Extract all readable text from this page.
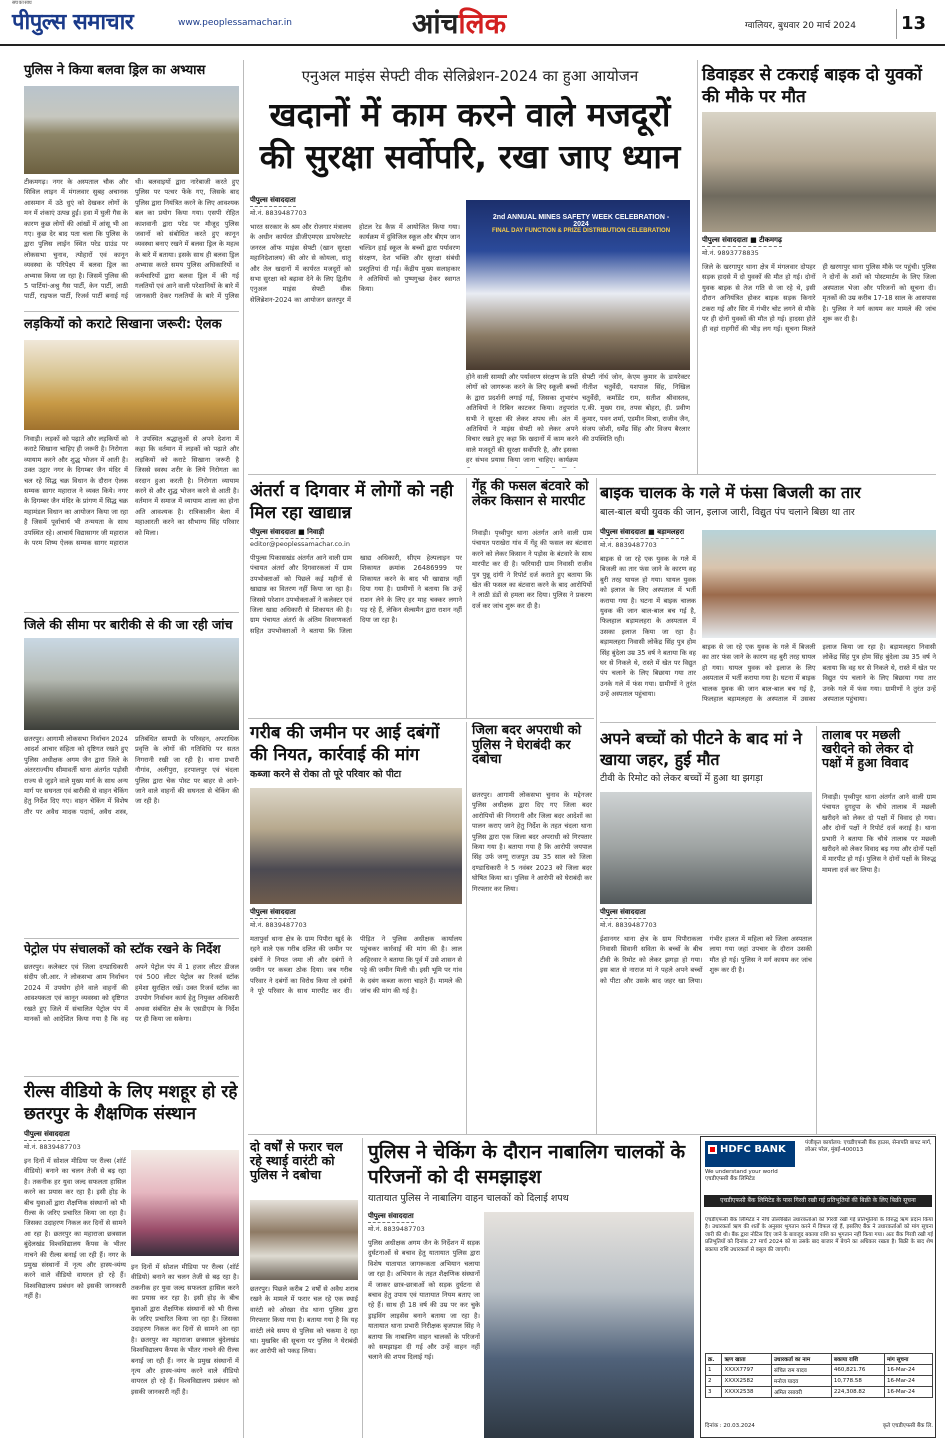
सच का साथ
पीपुल्स समाचार	www.peoplessamachar.in	आंचलिक	ग्वालियर, बुधवार 20 मार्च 2024 13
पुलिस ने किया बलवा ड्रिल का अभ्यास
टीकमगढ़। नगर के अस्पताल चौक और सिविल लाइन में मंगलवार सुबह अचानक आसमान में उठे धुएं को देखकर लोगों के मन में शंकाएं उत्पन्न हुईं। हवा में घुली गैस के कारण कुछ लोगों की आंखों में आंसू भी आ गए। कुछ देर बाद पता चला कि पुलिस के द्वारा पुलिस लाईन स्थित परेड ग्राउंड पर लोकसभा चुनाव, त्योहारों एवं कानून व्यवस्था के परिपेक्ष्य में बलवा ड्रिल का अभ्यास किया जा रहा है। जिसमें पुलिस की 5 पार्टियां-अश्रु गैस पार्टी, केन पार्टी, लाठी पार्टी, राइफल पार्टी, रिजर्व पार्टी बनाई गई थी। बलवाइयों द्वारा नारेबाजी करते हुए पुलिस पर पत्थर फेंके गए, जिसके बाद पुलिस द्वारा नियंत्रित करने के लिए आवश्यक बल का प्रयोग किया गया। एसपी रोहित काशवानी द्वारा परेड पर मौजूद पुलिस जवानों को संबोधित करते हुए कानून व्यवस्था बनाए रखने में बलवा ड्रिल के महत्व के बारे में बताया। इसके साथ ही बलवा ड्रिल अभ्यास करते समय पुलिस अधिकारियों व कर्मचारियों द्वारा बलवा ड्रिल में की गई गलतियों एवं आने वाली परेशानियों के बारे में जानकारी देकर गलतियों के बारे में पुलिस
लड़कियों को कराटे सिखाना जरूरी: ऐलक
निवाड़ी। लड़कों को पढ़ाते और लड़कियों को कराटे सिखाना चाहिए ही जरूरी है। निरोगता व्यायाम करने और शुद्ध भोजन में आती है। उक्त उद्गार नगर के दिगम्बर जैन मंदिर में चल रहे सिद्ध चक्र विधान के दौरान ऐलक सम्यक सागर महाराज ने व्यक्त किये। नगर के दिगम्बर जैन मंदिर के प्रांगण में सिद्ध चक्र महामंडल विधान का आयोजन किया जा रहा है जिसमें पूर्वाचार्य भी तन्मयता के साथ उपस्थित रहे। आचार्य विद्यासागर जी महाराज के परम शिष्य ऐलक सम्यक सागर महाराज ने उपस्थित श्रद्धालुओं से अपने देशना में कहा कि वर्तमान में लड़कों को पढ़ाते और लड़कियों को कराटे सिखाना जरूरी है जिससे स्वस्थ शरीर के लिये निरोगता का वरदान हुआ करती है। निरोगता व्यायाम करने से और शुद्ध भोजन करने से आती है। वर्तमान में समाज में व्यायाम शाला का होना अति आवश्यक है। रात्रिकालीन बेला में महाआरती करने का सौभाग्य सिंह परिवार को मिला।
जिले की सीमा पर बारीकी से की जा रही जांच
छतरपुर। आगामी लोकसभा निर्वाचन 2024 आदर्श आचार संहिता को दृष्टिगत रखते हुए पुलिस अधीक्षक अगम जैन द्वारा जिले के अंतरराज्यीय सीमावर्ती थाना अंतर्गत पड़ोसी राज्य से जुड़ने वाले मुख्य मार्ग के साथ अन्य मार्ग पर सघनता एवं बारीकी से वाहन चेकिंग हेतु निर्देश दिए गए। वाहन चेकिंग में विशेष तौर पर अवैध मादक पदार्थ, अवैध शस्त्र, प्रतिबंधित सामग्री के परिवहन, अपराधिक प्रवृत्ति के लोगों की गतिविधि पर सतत निगरानी रखी जा रही है। थाना प्रभारी नौगांव, अलीपुरा, हरपालपुर एवं चंदला पुलिस द्वारा चेक पोस्ट पर बाहर से आने-जाने वाले वाहनों की सघनता से चेकिंग की जा रही है।
पेट्रोल पंप संचालकों को स्टॉक रखने के निर्देश
छतरपुर। कलेक्टर एवं जिला दण्डाधिकारी संदीप जी.आर. ने लोकसभा आम निर्वाचन 2024 में उपयोग होने वाले वाहनों की आवश्यकता एवं कानून व्यवस्था को दृष्टिगत रखते हुए जिले में संचालित पेट्रोल पंप में मानकों को आदेशित किया गया है कि वह अपने पेट्रोल पंप में 1 हजार लीटर डीजल एवं 500 लीटर पेट्रोल का रिजर्व स्टॉक हमेशा सुरक्षित रखें। उक्त रिजर्व स्टॉक का उपयोग निर्वाचन कार्य हेतु नियुक्त अधिकारी अथवा संबंधित क्षेत्र के एसडीएम के निर्देश पर ही किया जा सकेगा।
रील्स वीडियो के लिए मशहूर हो रहे छतरपुर के शैक्षणिक संस्थान
पीपुल्स संवाददाता
मो.नं. 8839487703
इन दिनों में सोशल मीडिया पर रील्स (शॉर्ट वीडियो) बनाने का चलन तेजी से बढ़ रहा है। तकनीक हर युवा जल्द सफलता हासिल करने का प्रयास कर रहा है। इसी होड़ के बीच युवाओं द्वारा शैक्षणिक संस्थानों को भी रील्स के जरिए प्रचारित किया जा रहा है। जिसका उदाहरण निकल कर दिनों से सामने आ रहा है। छतरपुर का महाराजा छत्रसाल बुंदेलखंड विश्वविद्यालय कैंपस के भीतर नाचने की रील्स बनाई जा रही हैं। नगर के प्रमुख संस्थानों में नृत्य और हास्य-व्यंग्य करने वाले वीडियो वायरल हो रहे हैं। विश्वविद्यालय प्रबंधन को इसकी जानकारी नहीं है।
इन दिनों में सोशल मीडिया पर रील्स (शॉर्ट वीडियो) बनाने का चलन तेजी से बढ़ रहा है। तकनीक हर युवा जल्द सफलता हासिल करने का प्रयास कर रहा है। इसी होड़ के बीच युवाओं द्वारा शैक्षणिक संस्थानों को भी रील्स के जरिए प्रचारित किया जा रहा है। जिसका उदाहरण निकल कर दिनों से सामने आ रहा है। छतरपुर का महाराजा छत्रसाल बुंदेलखंड विश्वविद्यालय कैंपस के भीतर नाचने की रील्स बनाई जा रही हैं। नगर के प्रमुख संस्थानों में नृत्य और हास्य-व्यंग्य करने वाले वीडियो वायरल हो रहे हैं। विश्वविद्यालय प्रबंधन को इसकी जानकारी नहीं है।
एनुअल माइंस सेफ्टी वीक सेलिब्रेशन-2024 का हुआ आयोजन
खदानों में काम करने वाले मजदूरों की सुरक्षा सर्वोपरि, रखा जाए ध्यान
पीपुल्स संवाददाता
मो.नं. 8839487703
भारत सरकार के श्रम और रोजगार मंत्रालय के अधीन कार्यरत डीजीएमएस डायरेक्टरेट जनरल ऑफ माइंस सेफ्टी (खान सुरक्षा महानिदेशालय) की ओर से कोयला, धातु और तेल खदानों में कार्यरत मजदूरों को सभा सुरक्षा को बढ़ावा देने के लिए द्वितीय एनुअल माइंस सेफ्टी वीक सेलिब्रेशन-2024 का आयोजन छतरपुर में होटल रेड कैफ़ में आयोजित किया गया। कार्यक्रम में दुविजिल स्कूल और बीएम जान चल्डिन हाई स्कूल के बच्चों द्वारा पर्यावरण संरक्षण, देश भक्ति और सुरक्षा संबंधी प्रस्तुतियां दी गईं। केंद्रीय मुख्य सलाहकार ने अतिथियों को पुष्पगुच्छ देकर स्वागत किया।
2nd ANNUAL MINES SAFETY WEEK CELEBRATION - 2024
FINAL DAY FUNCTION & PRIZE DISTRIBUTION CELEBRATION
होने वाली सामग्री और पर्यावरण संरक्षण के प्रति लोगों को जागरूक करने के लिए स्कूली बच्चों के द्वारा प्रदर्शनी लगाई गई, जिसका शुभारंभ अतिथियों ने रिबिन काटकर किया। तदुपरांत सभी ने सुरक्षा की लेकर शपथ ली। अंत में अतिथियों ने माइंस सेफ्टी को लेकर अपने विचार रखते हुए कहा कि खदानों में काम करने वाले मजदूरों की सुरक्षा सर्वोपरि है, और इसका हर संभव प्रयास किया जाना चाहिए। कार्यक्रम
सेफ्टी नॉर्थ जोन, केएम कुमार के डायरेक्टर नीतीश चतुर्वेदी, यशपाल सिंह, निखिल चतुर्वेदी, कमाँडेंट राम, सतीश श्रीवास्तव, ए.की. मुख्य राव, तपस बोहरा, ही. प्रवीण कुमार, पवन शर्मा, एडमीन मिश्रा, राजीव जैन, संजय जोशी, धर्मेंद्र सिंह और विजय बैरलार की उपस्थिति रही।
अंतर्रा व दिगवार में लोगों को नही मिल रहा खाद्यान्न
पीपुल्स संवाददाता ■ निवाड़ी
editor@peoplessamachar.co.in
पीपुल्स पिकासखंड अंतर्गत आने वाली ग्राम पंचायत अंतर्रा और दिगवारकलां में ग्राम उपभोक्ताओं को पिछले कई महीनों से खाद्यान्न का वितरण नहीं किया जा रहा है। जिससे परेशान उपभोक्ताओं ने कलेक्टर एवं जिला खाद्य अधिकारी से शिकायत की है। ग्राम पंचायत अंतर्रा के अंतिम विवरणकर्ता सहित उपभोक्ताओं ने बताया कि जिला खाद्य अधिकारी, सीएम हेल्पलाइन पर शिकायत क्रमांक 26486999 पर शिकायत करने के बाद भी खाद्यान्न नहीं दिया गया है। ग्रामीणों ने बताया कि उन्हें राशन लेने के लिए हर माह चक्कर लगाने पड़ रहे हैं, लेकिन सेल्समैन द्वारा राशन नहीं दिया जा रहा है।
गेंहू की फसल बंटवारे को लेकर किसान से मारपीट
निवाड़ी। पृथ्वीपुर थाना अंतर्गत आने वाली ग्राम पंचायत पराखेरा गांव में गेंहू की फसल का बंटवारा करने को लेकर किसान ने पड़ोस के बंटवारे के साथ मारपीट कर दी है। फरियादी ग्राम निवासी राजीव पुत्र पुन्नू दांगी ने रिपोर्ट दर्ज कराते हुए बताया कि खेत की फसल का बंटवारा करने के बाद आरोपियों ने लाठी डंडों से हमला कर दिया। पुलिस ने प्रकरण दर्ज कर जांच शुरू कर दी है।
गरीब की जमीन पर आई दबंगों की नियत, कार्रवाई की मांग
कब्जा करने से रोका तो पूरे परिवार को पीटा
पीपुल्स संवाददाता
मो.नं. 8839487703
मतापुर्वा थाना क्षेत्र के ग्राम पिपौरा खुर्द के रहने वाले एक गरीब दलित की जमीन पर दबंगों ने नियत जमा ली और दबंगों ने जमीन पर कब्जा ठोक दिया। जब गरीब परिवार ने दबंगों का विरोध किया तो दबंगों ने पूरे परिवार के साथ मारपीट कर दी। पीड़ित ने पुलिस अधीक्षक कार्यालय पहुंचकर कार्रवाई की मांग की है। लाल अहिरवार ने बताया कि पूर्व में उसे शासन से पट्टे की जमीन मिली थी। इसी भूमि पर गांव के दबंग कब्जा करना चाहते हैं। मामले की जांच की मांग की गई है।
जिला बदर अपराधी को पुलिस ने घेराबंदी कर दबोचा
छतरपुर। आगामी लोकसभा चुनाव के मद्देनजर पुलिस अधीक्षक द्वारा दिए गए जिला बदर आरोपियों की निगरानी और जिला बदर आदेशों का पालन कराए जाने हेतु निर्देश के तहत चंदला थाना पुलिस द्वारा एक जिला बदर अपराधी को गिरफ्तार किया गया है। बताया गया है कि आरोपी जयपाल सिंह उर्फ जग्गू राजपूत उम्र 35 साल को जिला दण्डाधिकारी ने 5 नवंबर 2023 को जिला बदर घोषित किया था। पुलिस ने आरोपी को घेराबंदी कर गिरफ्तार कर लिया।
डिवाइडर से टकराई बाइक दो युवकों की मौके पर मौत
पीपुल्स संवाददाता ■ टीकमगढ़
मो.नं. 9893778835
जिले के खरगापुर थाना क्षेत्र में मंगलवार दोपहर सड़क हादसे में दो युवकों की मौत हो गई। दोनों युवक बाइक से तेज गति से जा रहे थे, इसी दौरान अनियंत्रित होकर बाइक सड़क किनारे टकरा गई और सिर में गंभीर चोट लगने से मौके पर ही दोनों युवकों की मौत हो गई। हादसा होते ही वहां राहगीरों की भीड़ लग गई। सूचना मिलते ही खरगापुर थाना पुलिस मौके पर पहुंची। पुलिस ने दोनों के शवों को पोस्टमार्टम के लिए जिला अस्पताल भेजा और परिजनों को सूचना दी। मृतकों की उम्र करीब 17-18 साल के आसपास है। पुलिस ने मर्ग कायम कर मामले की जांच शुरू कर दी है।
बाइक चालक के गले में फंसा बिजली का तार
बाल-बाल बची युवक की जान, इलाज जारी, विद्युत पंप चलाने बिछा था तार
पीपुल्स संवाददाता ■ बड़ामलहरा
मो.नं. 8839487703
बाइक से जा रहे एक युवक के गले में बिजली का तार फंस जाने के कारण वह बुरी तरह घायल हो गया। घायल युवक को इलाज के लिए अस्पताल में भर्ती कराया गया है। घटना में बाइक चालक युवक की जान बाल-बाल बच गई है, फिलहाल बड़ामलहरा के अस्पताल में उसका इलाज किया जा रहा है। बड़ामलहरा निवासी लोकेंद्र सिंह पुत्र होम सिंह बुंदेला उम्र 35 वर्ष ने बताया कि वह घर से निकले थे, रास्ते में खेत पर विद्युत पंप चलाने के लिए बिछाया गया तार उनके गले में फंस गया। ग्रामीणों ने तुरंत उन्हें अस्पताल पहुंचाया।
बाइक से जा रहे एक युवक के गले में बिजली का तार फंस जाने के कारण वह बुरी तरह घायल हो गया। घायल युवक को इलाज के लिए अस्पताल में भर्ती कराया गया है। घटना में बाइक चालक युवक की जान बाल-बाल बच गई है, फिलहाल बड़ामलहरा के अस्पताल में उसका इलाज किया जा रहा है। बड़ामलहरा निवासी लोकेंद्र सिंह पुत्र होम सिंह बुंदेला उम्र 35 वर्ष ने बताया कि वह घर से निकले थे, रास्ते में खेत पर विद्युत पंप चलाने के लिए बिछाया गया तार उनके गले में फंस गया। ग्रामीणों ने तुरंत उन्हें अस्पताल पहुंचाया।
अपने बच्चों को पीटने के बाद मां ने खाया जहर, हुई मौत
टीवी के रिमोट को लेकर बच्चों में हुआ था झगड़ा
पीपुल्स संवाददाता
मो.नं. 8839487703
ईशानगर थाना क्षेत्र के ग्राम पिपौराकला निवासी सिवानी सविता के बच्चों के बीच टीवी के रिमोट को लेकर झगड़ा हो गया। इस बात से नाराज मां ने पहले अपने बच्चों को पीटा और उसके बाद जहर खा लिया। गंभीर हालत में महिला को जिला अस्पताल लाया गया जहां उपचार के दौरान उसकी मौत हो गई। पुलिस ने मर्ग कायम कर जांच शुरू कर दी है।
तालाब पर मछली खरीदने को लेकर दो पक्षों में हुआ विवाद
निवाड़ी। पृथ्वीपुर थाना अंतर्गत आने वाली ग्राम पंचायत दुगदुपा के चौथे तालाब में मछली खरीदने को लेकर दो पक्षों में विवाद हो गया। और दोनों पक्षों ने रिपोर्ट दर्ज कराई है। थाना प्रभारी ने बताया कि चौथे तालाब पर मछली खरीदने को लेकर विवाद बढ़ गया और दोनों पक्षों में मारपीट हो गई। पुलिस ने दोनों पक्षों के विरुद्ध मामला दर्ज कर लिया है।
दो वर्षों से फरार चल रहे स्थाई वारंटी को पुलिस ने दबोचा
छतरपुर। पिछले करीब 2 वर्षों से अवैध शराब रखने के मामले में फरार चल रहे एक स्थाई वारंटी को ओरछा रोड थाना पुलिस द्वारा गिरफ्तार किया गया है। बताया गया है कि यह वारंटी लंबे समय से पुलिस को चकमा दे रहा था। मुखबिर की सूचना पर पुलिस ने घेराबंदी कर आरोपी को पकड़ लिया।
पुलिस ने चेकिंग के दौरान नाबालिग चालकों के परिजनों को दी समझाइश
यातायात पुलिस ने नाबालिग वाहन चालकों को दिलाई शपथ
पीपुल्स संवाददाता
मो.नं. 8839487703
पुलिस अधीक्षक अगम जैन के निर्देशन में सड़क दुर्घटनाओं से बचाव हेतु यातायात पुलिस द्वारा विशेष यातायात जागरूकता अभियान चलाया जा रहा है। अभियान के तहत शैक्षणिक संस्थानों में जाकर छात्र-छात्राओं को सड़क दुर्घटना से बचाव हेतु उपाय एवं यातायात नियम बताए जा रहे हैं। साथ ही 18 वर्ष की उम्र पर कर चुके ड्राइविंग लाइसेंस बनाने बताया जा रहा है। यातायात थाना प्रभारी निरीक्षक बृजपाल सिंह ने बताया कि नाबालिग वाहन चालकों के परिजनों को समझाइश दी गई और उन्हें वाहन नहीं चलाने की शपथ दिलाई गई।
HDFC BANK
We understand your world
एचडीएफसी बैंक लिमिटेड
पंजीकृत कार्यालय: एचडीएफसी बैंक हाउस, सेनापति बापट मार्ग, लोअर परेल, मुंबई-400013
एचडीएफसी बैंक लिमिटेड के पास गिरवी रखी गई प्रतिभूतियों की बिक्री के लिए बिक्री सूचना
एचडीएफसी बैंक लिमिटेड ने नीचे उल्लिखित उधारकर्ताओं को गिरवी रखी गई प्रतिभूतियों के विरुद्ध ऋण प्रदान किया है। उधारकर्ता ऋण की शर्तों के अनुसार भुगतान करने में विफल रहे हैं, इसलिए बैंक ने उधारकर्ताओं को मांग सूचना जारी की थी। बैंक द्वारा नोटिस दिए जाने के बावजूद बकाया राशि का भुगतान नहीं किया गया। अतः बैंक गिरवी रखी गई प्रतिभूतियों को दिनांक 27 मार्च 2024 को या उसके बाद बाजार में बेचने का अधिकार रखता है। बिक्री के बाद शेष बकाया राशि उधारकर्ता से वसूल की जाएगी।
क्र.	ऋण खाता	उधारकर्ता का नाम	बकाया राशि	मांग सूचना
1	XXXX7797	संचित राम यादव	460,821.76	16-Mar-24
2	XXXX2582	मनोज यादव	10,778.58	16-Mar-24
3	XXXX2538	अमित रसावरी	224,308.82	16-Mar-24
दिनांक : 20.03.2024	कृते एचडीएफसी बैंक लि.
